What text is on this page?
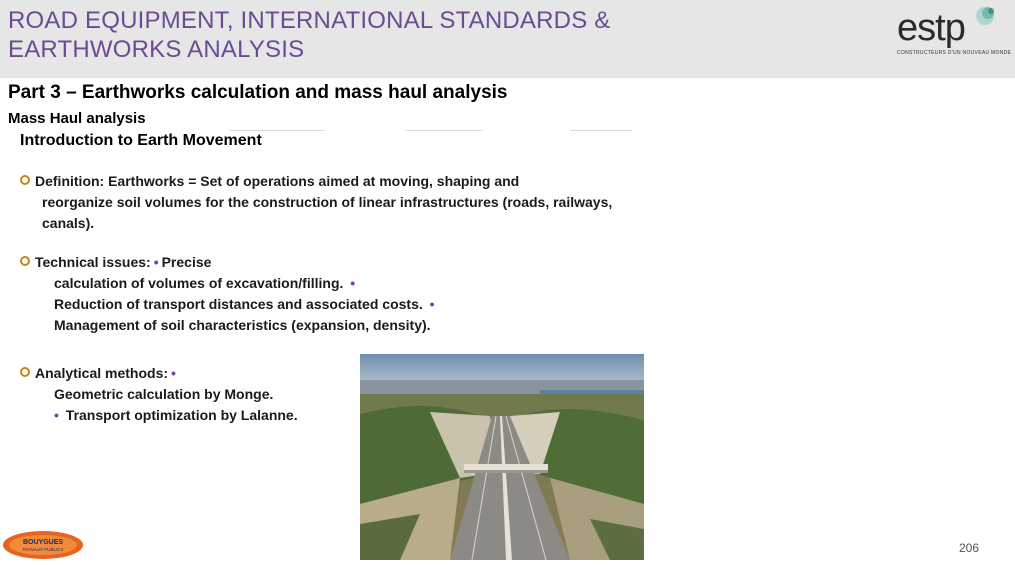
ROAD EQUIPMENT, INTERNATIONAL STANDARDS &
EARTHWORKS ANALYSIS
estp
CONSTRUCTEURS D'UN NOUVEAU MONDE
Part 3 – Earthworks calculation and mass haul analysis
Mass Haul analysis
Introduction to Earth Movement
Definition: Earthworks = Set of operations aimed at moving, shaping and
reorganize soil volumes for the construction of linear infrastructures (roads, railways,
canals).
Technical issues: • Precise
calculation of volumes of excavation/filling. •
Reduction of transport distances and associated costs. •
Management of soil characteristics (expansion, density).
Analytical methods: •
Geometric calculation by Monge.
• Transport optimization by Lalanne.
BOUYGUES
TRAVAUX PUBLICS	206
